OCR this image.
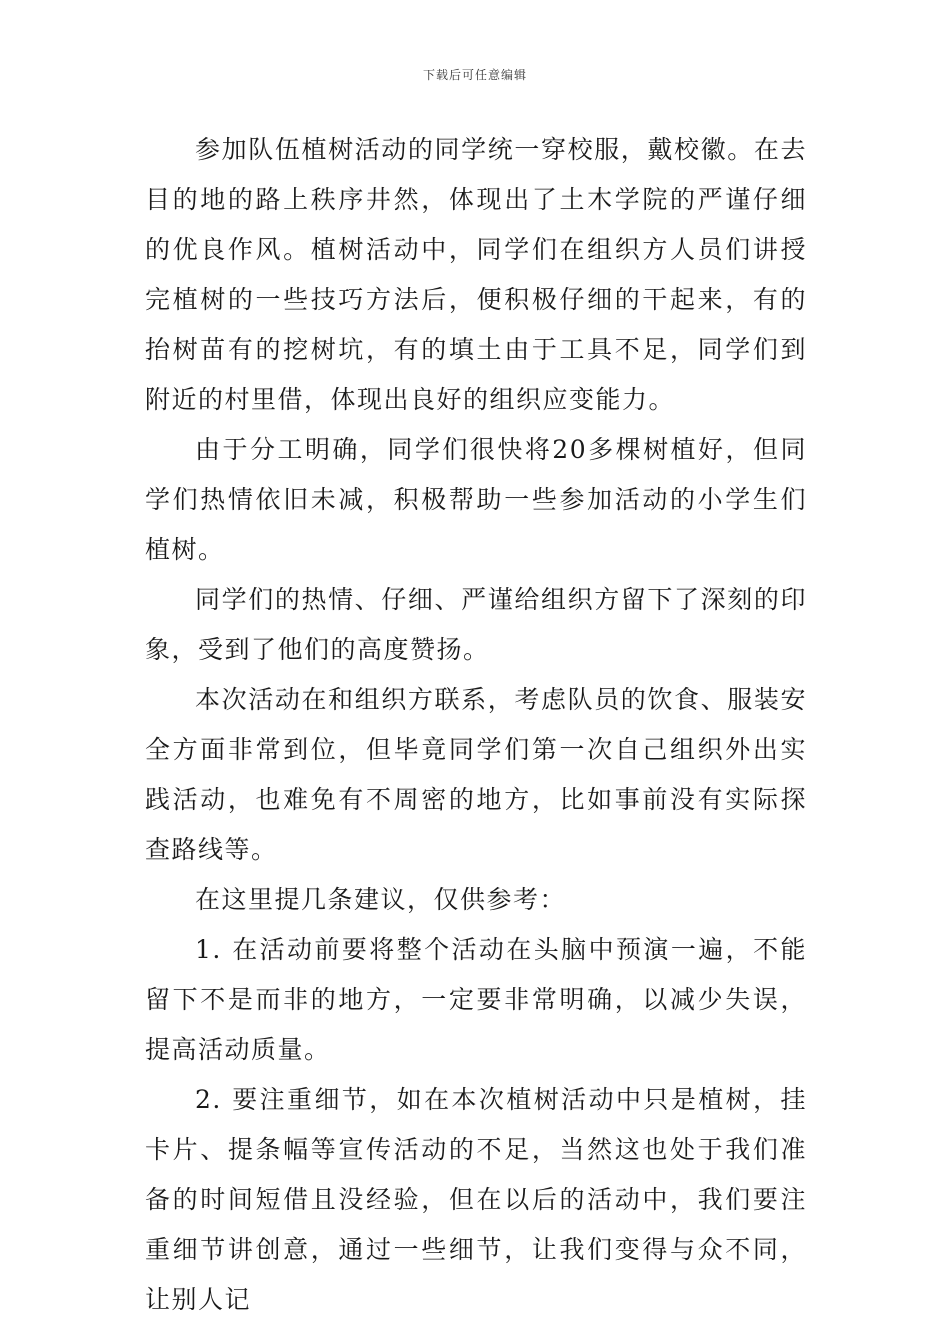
下载后可任意编辑

参加队伍植树活动的同学统一穿校服，戴校徽。在去目的地的路上秩序井然，体现出了土木学院的严谨仔细的优良作风。植树活动中，同学们在组织方人员们讲授完植树的一些技巧方法后，便积极仔细的干起来，有的抬树苗有的挖树坑，有的填土由于工具不足，同学们到附近的村里借，体现出良好的组织应变能力。

由于分工明确，同学们很快将20多棵树植好，但同学们热情依旧未减，积极帮助一些参加活动的小学生们植树。

同学们的热情、仔细、严谨给组织方留下了深刻的印象，受到了他们的高度赞扬。

本次活动在和组织方联系，考虑队员的饮食、服装安全方面非常到位，但毕竟同学们第一次自己组织外出实践活动，也难免有不周密的地方，比如事前没有实际探查路线等。

在这里提几条建议，仅供参考：

1. 在活动前要将整个活动在头脑中预演一遍，不能留下不是而非的地方，一定要非常明确，以减少失误，提高活动质量。

2. 要注重细节，如在本次植树活动中只是植树，挂卡片、提条幅等宣传活动的不足，当然这也处于我们准备的时间短借且没经验，但在以后的活动中，我们要注重细节讲创意，通过一些细节，让我们变得与众不同，让别人记
